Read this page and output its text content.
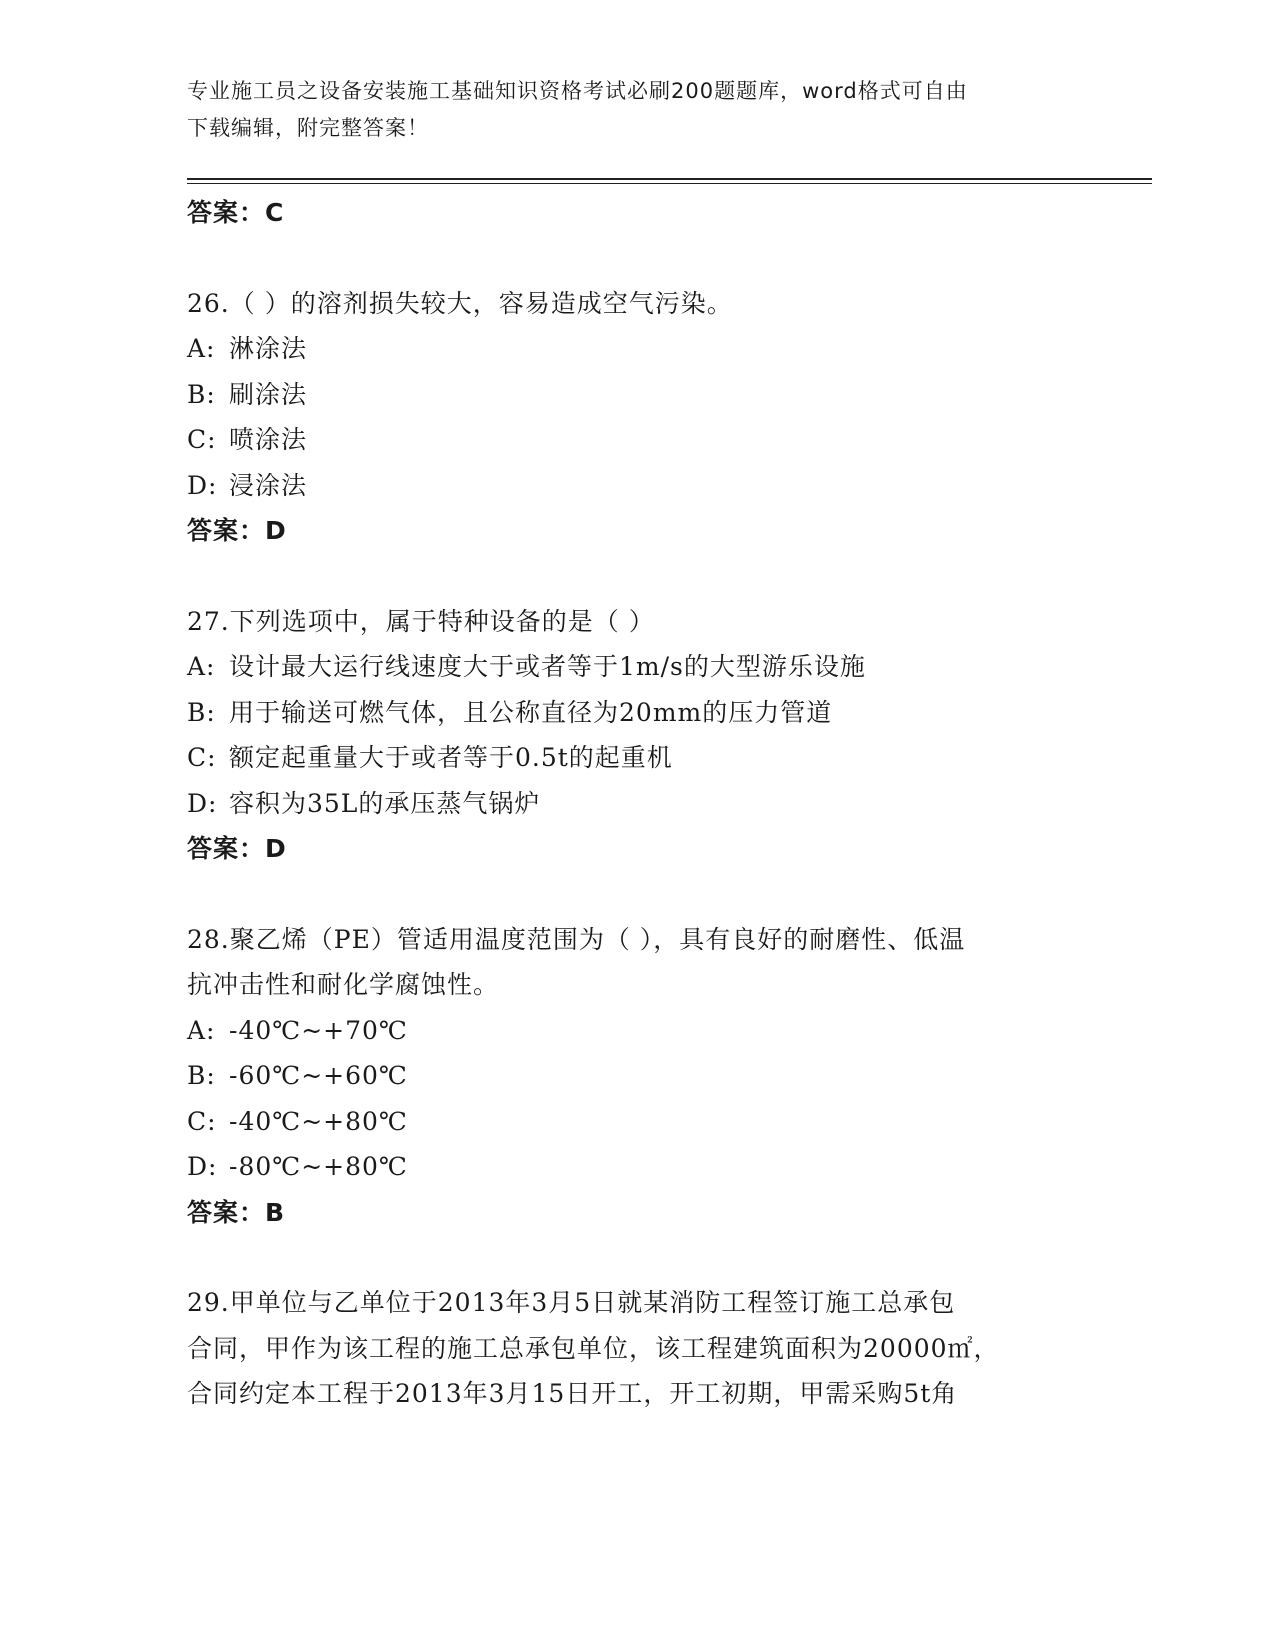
专业施工员之设备安装施工基础知识资格考试必刷200题题库，word格式可自由
下载编辑，附完整答案！
答案：C
26.（ ）的溶剂损失较大，容易造成空气污染。
A: 淋涂法
B: 刷涂法
C: 喷涂法
D: 浸涂法
答案：D
27.下列选项中，属于特种设备的是（ ）
A: 设计最大运行线速度大于或者等于1m/s的大型游乐设施
B: 用于输送可燃气体，且公称直径为20mm的压力管道
C: 额定起重量大于或者等于0.5t的起重机
D: 容积为35L的承压蒸气锅炉
答案：D
28.聚乙烯（PE）管适用温度范围为（ ），具有良好的耐磨性、低温
抗冲击性和耐化学腐蚀性。
A: -40℃~+70℃
B: -60℃~+60℃
C: -40℃~+80℃
D: -80℃~+80℃
答案：B
29.甲单位与乙单位于2013年3月5日就某消防工程签订施工总承包
合同，甲作为该工程的施工总承包单位，该工程建筑面积为20000㎡，
合同约定本工程于2013年3月15日开工，开工初期，甲需采购5t角
